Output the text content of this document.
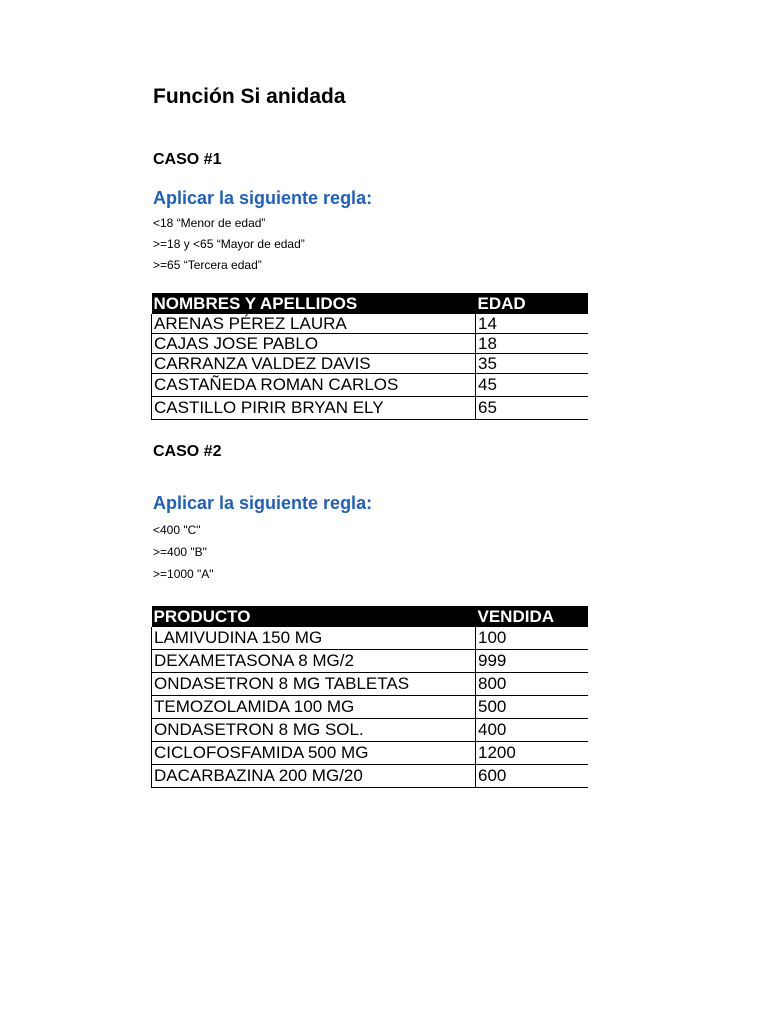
Función Si anidada
CASO #1
Aplicar la siguiente regla:
<18 “Menor de edad”
>=18 y <65 “Mayor de edad”
>=65 “Tercera edad”
NOMBRES Y APELLIDOS	EDAD
ARENAS PÉREZ LAURA	14
CAJAS JOSE PABLO	18
CARRANZA VALDEZ DAVIS	35
CASTAÑEDA ROMAN CARLOS	45
CASTILLO PIRIR BRYAN ELY	65
CASO #2
Aplicar la siguiente regla:
<400 "C"
>=400 "B"
>=1000 "A"
PRODUCTO	VENDIDA
LAMIVUDINA 150 MG	100
DEXAMETASONA 8 MG/2	999
ONDASETRON 8 MG TABLETAS	800
TEMOZOLAMIDA 100 MG	500
ONDASETRON 8 MG SOL.	400
CICLOFOSFAMIDA 500 MG	1200
DACARBAZINA 200 MG/20	600
